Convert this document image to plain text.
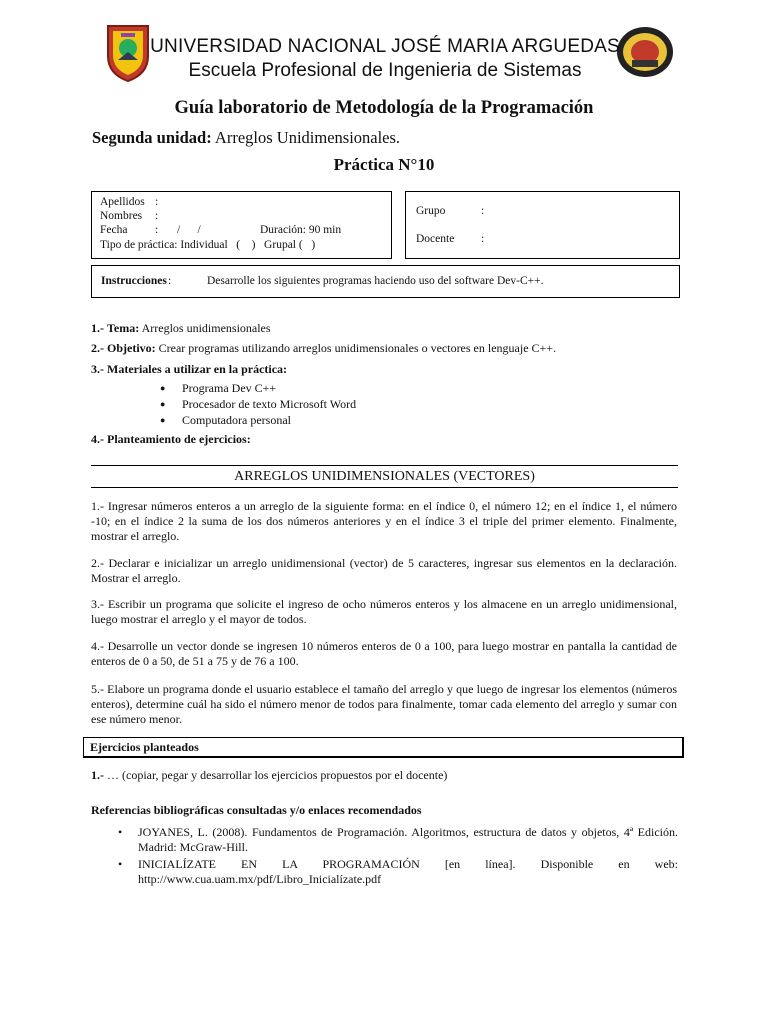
UNIVERSIDAD NACIONAL JOSÉ MARIA ARGUEDAS
Escuela Profesional de Ingenieria de Sistemas
Guía laboratorio de Metodología de la Programación
Segunda unidad: Arreglos Unidimensionales.
Práctica N°10
Apellidos :
Nombres :
Fecha : /      /	Duración: 90 min
Tipo de práctica: Individual   (    )   Grupal (   )
Grupo	:
Docente :
Instrucciones :	Desarrolle los siguientes programas haciendo uso del software Dev-C++.
1.- Tema: Arreglos unidimensionales
2.- Objetivo: Crear programas utilizando arreglos unidimensionales o vectores en lenguaje C++.
3.- Materiales a utilizar en la práctica:
● Programa Dev C++
● Procesador de texto Microsoft Word
● Computadora personal
4.- Planteamiento de ejercicios:
ARREGLOS UNIDIMENSIONALES (VECTORES)
1.- Ingresar números enteros a un arreglo de la siguiente forma: en el índice 0, el número 12; en el índice 1, el número -10; en el índice 2 la suma de los dos números anteriores y en el índice 3 el triple del primer elemento. Finalmente, mostrar el arreglo.
2.- Declarar e inicializar un arreglo unidimensional (vector) de 5 caracteres, ingresar sus elementos en la declaración. Mostrar el arreglo.
3.- Escribir un programa que solicite el ingreso de ocho números enteros y los almacene en un arreglo unidimensional, luego mostrar el arreglo y el mayor de todos.
4.- Desarrolle un vector donde se ingresen 10 números enteros de 0 a 100, para luego mostrar en pantalla la cantidad de enteros de 0 a 50, de 51 a 75 y de 76 a 100.
5.- Elabore un programa donde el usuario establece el tamaño del arreglo y que luego de ingresar los elementos (números enteros), determine cuál ha sido el número menor de todos para finalmente, tomar cada elemento del arreglo y sumar con ese número menor.
Ejercicios planteados
1.- … (copiar, pegar y desarrollar los ejercicios propuestos por el docente)
Referencias bibliográficas consultadas y/o enlaces recomendados
• JOYANES, L. (2008). Fundamentos de Programación. Algoritmos, estructura de datos y objetos, 4ª Edición. Madrid: McGraw-Hill.
• INICIALÍZATE EN LA PROGRAMACIÓN [en línea]. Disponible en web:
http://www.cua.uam.mx/pdf/Libro_Inicialízate.pdf
